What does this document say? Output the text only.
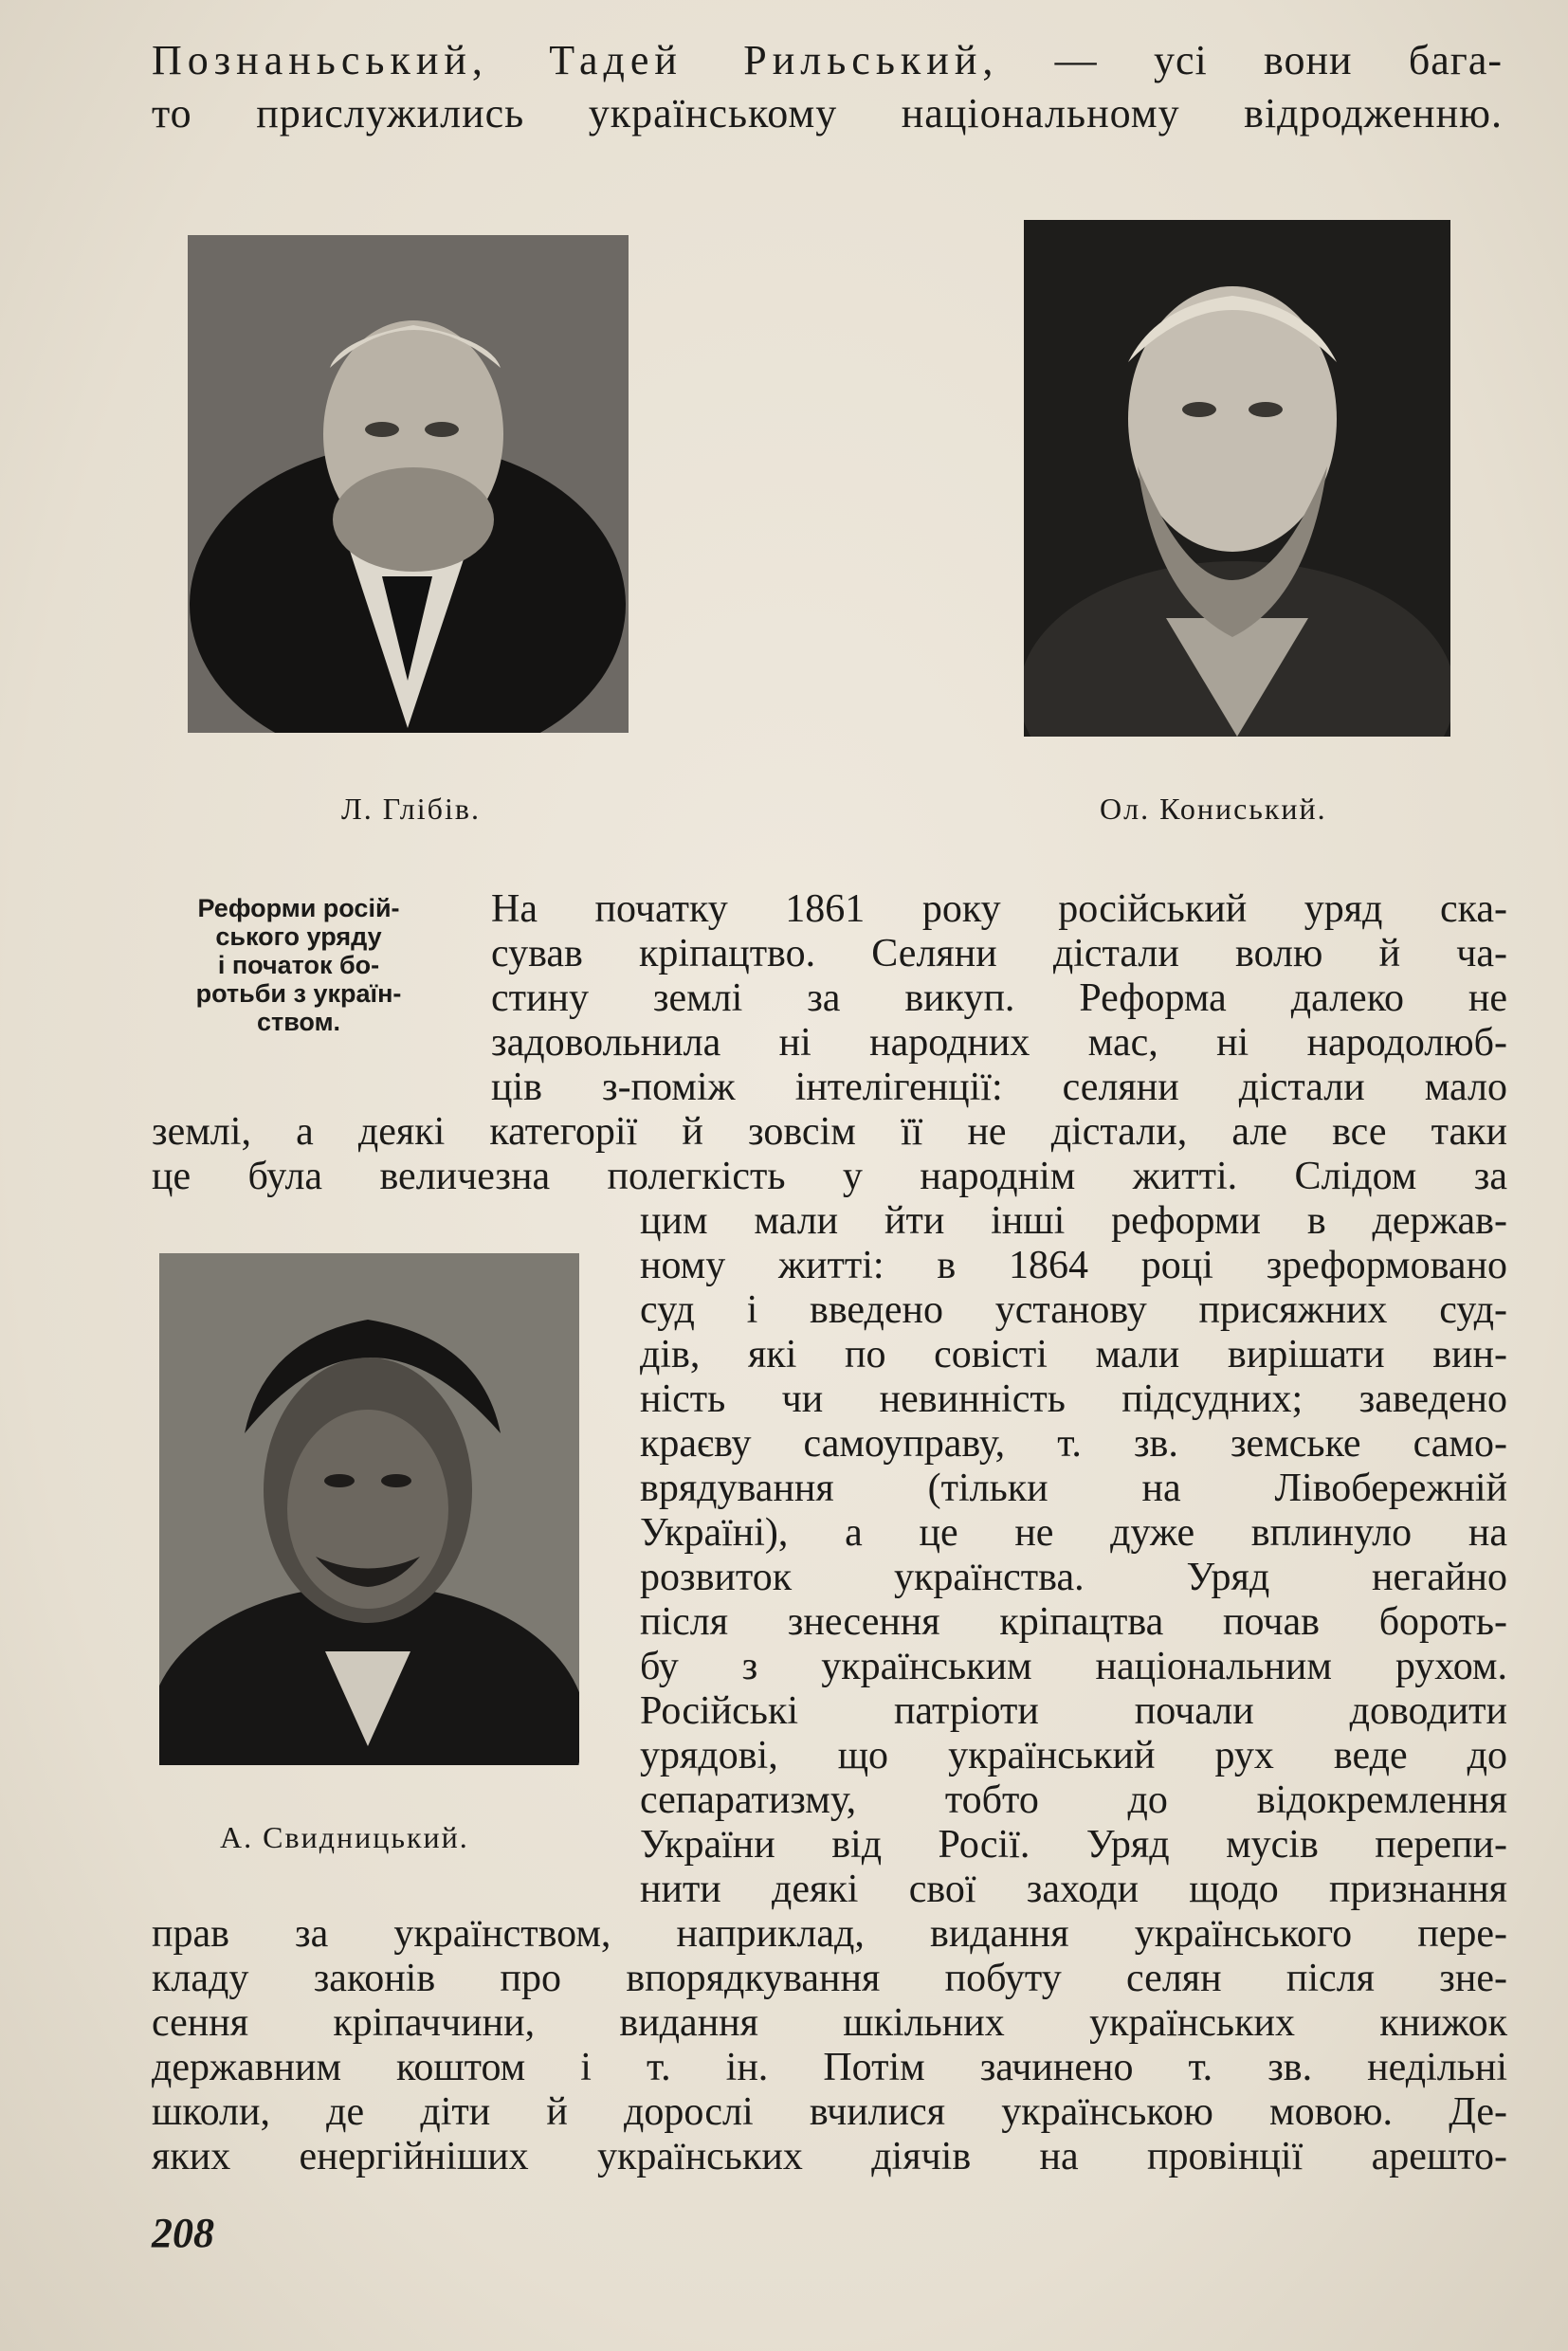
Познаньський, Тадей Рильський, — усі вони бага-
то прислужились українському національному відродженню.
Л. Глібів.	Ол. Кониський.
Реформи росій-
ського уряду
і початок бо-
ротьби з україн-
ством.
На початку 1861 року російський уряд ска-
сував кріпацтво. Селяни дістали волю й ча-
стину землі за викуп. Реформа далеко не
задовольнила ні народних мас, ні народолюб-
ців з-поміж інтелігенції: селяни дістали мало
землі, а деякі категорії й зовсім її не дістали, але все таки
це була величезна полегкість у народнім житті. Слідом за
А. Свидницький.
цим мали йти інші реформи в держав-
ному житті: в 1864 році зреформовано
суд і введено установу присяжних суд-
дів, які по совісті мали вирішати вин-
ність чи невинність підсудних; заведено
краєву самоуправу, т. зв. земське само-
врядування (тільки на Лівобережній
Україні), а це не дуже вплинуло на
розвиток українства. Уряд негайно
після знесення кріпацтва почав бороть-
бу з українським національним рухом.
Російські патріоти почали доводити
урядові, що український рух веде до
сепаратизму, тобто до відокремлення
України від Росії. Уряд мусів перепи-
нити деякі свої заходи щодо признання
прав за українством, наприклад, видання українського пере-
кладу законів про впорядкування побуту селян після зне-
сення кріпаччини, видання шкільних українських книжок
державним коштом і т. ін. Потім зачинено т. зв. недільні
школи, де діти й дорослі вчилися українською мовою. Де-
яких енергійніших українських діячів на провінції арешто-
208
